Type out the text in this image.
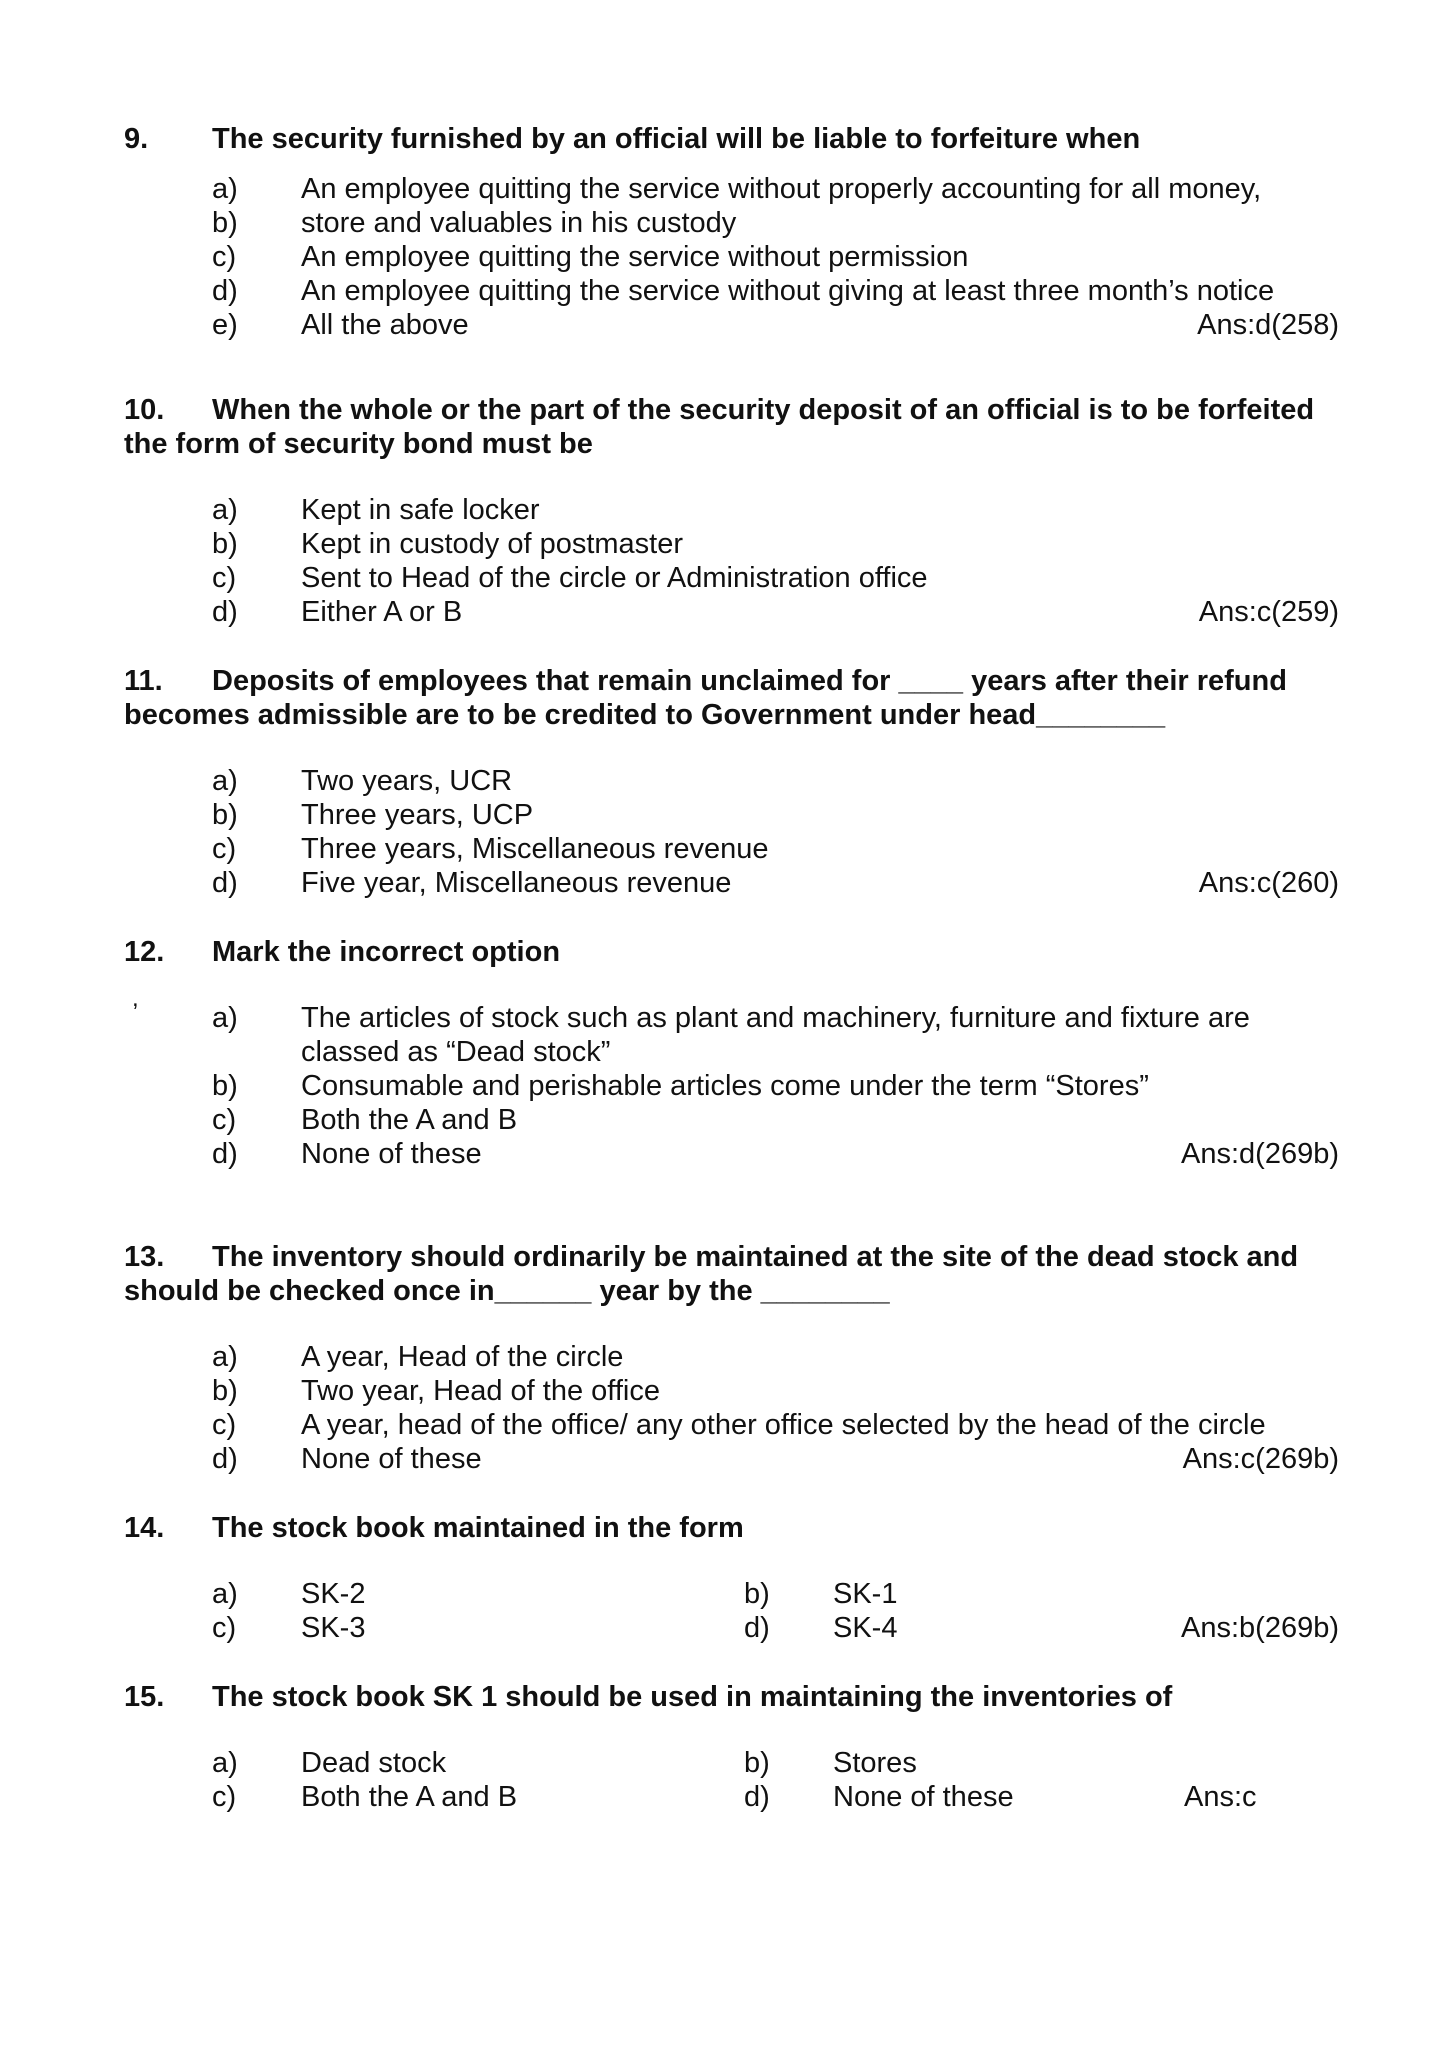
9. The security furnished by an official will be liable to forfeiture when
a) An employee quitting the service without properly accounting for all money,
b) store and valuables in his custody
c) An employee quitting the service without permission
d) An employee quitting the service without giving at least three month’s notice
e) All the above	Ans:d(258)
10. When the whole or the part of the security deposit of an official is to be forfeited the form of security bond must be
a) Kept in safe locker
b) Kept in custody of postmaster
c) Sent to Head of the circle or Administration office
d) Either A or B	Ans:c(259)
11. Deposits of employees that remain unclaimed for ____ years after their refund becomes admissible are to be credited to Government under head________
a) Two years, UCR
b) Three years, UCP
c) Three years, Miscellaneous revenue
d) Five year, Miscellaneous revenue	Ans:c(260)
12. Mark the incorrect option
a) The articles of stock such as plant and machinery, furniture and fixture are classed as “Dead stock”
b) Consumable and perishable articles come under the term “Stores”
c) Both the A and B
d) None of these	Ans:d(269b)
,
13. The inventory should ordinarily be maintained at the site of the dead stock and should be checked once in______ year by the ________
a) A year, Head of the circle
b) Two year, Head of the office
c) A year, head of the office/ any other office selected by the head of the circle
d) None of these	Ans:c(269b)
14. The stock book maintained in the form
a) SK-2	b) SK-1
c) SK-3	d) SK-4	Ans:b(269b)
15. The stock book SK 1 should be used in maintaining the inventories of
a) Dead stock	b) Stores
c) Both the A and B	d) None of these	Ans:c
